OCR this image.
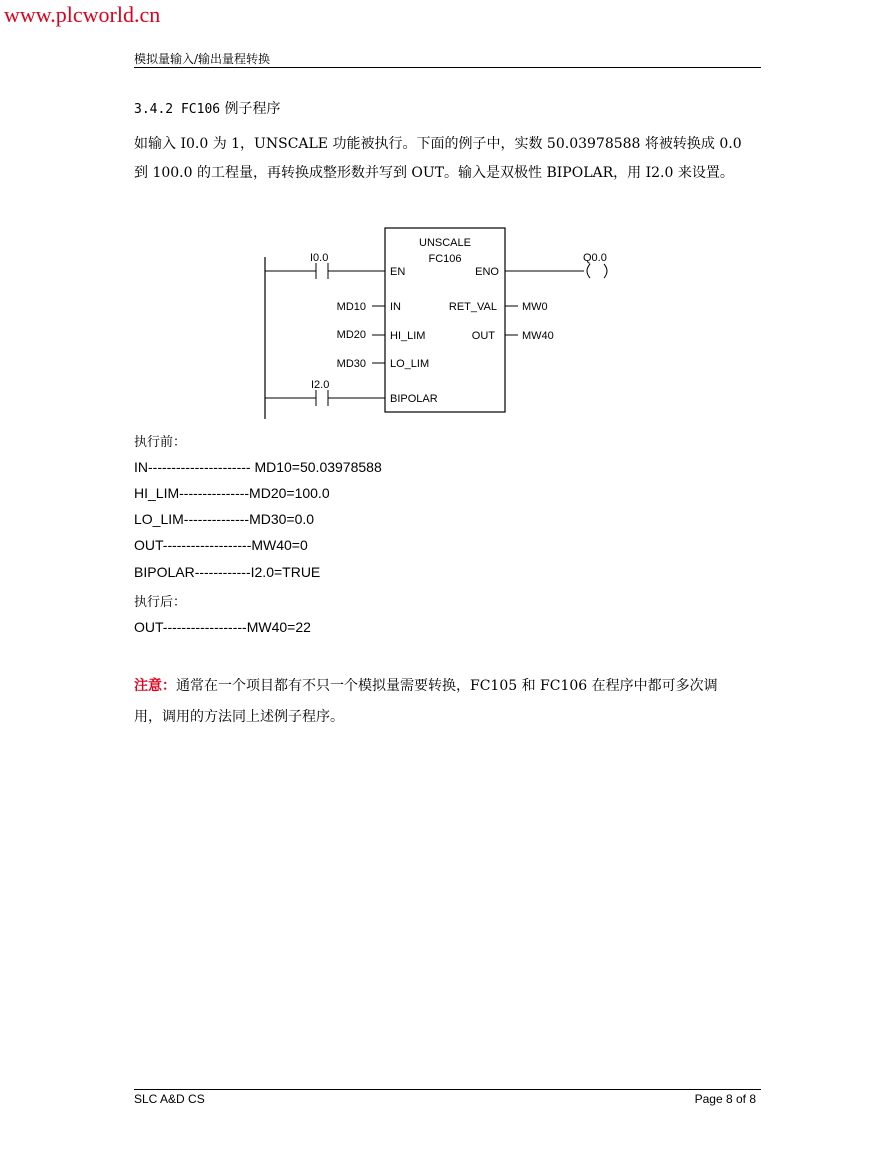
www.plcworld.cn
模拟量输入/输出量程转换
3.4.2 FC106 例子程序
如输入 I0.0 为 1，UNSCALE 功能被执行。下面的例子中，实数 50.03978588 将被转换成 0.0
到 100.0 的工程量，再转换成整形数并写到 OUT。输入是双极性 BIPOLAR，用 I2.0 来设置。
UNSCALE
FC106
I0.0
EN	ENO
Q0.0
MD10 IN	RET_VAL MW0
MD20 HI_LIM	OUT MW40
MD30 LO_LIM
I2.0
BIPOLAR
执行前：
IN---------------------- MD10=50.03978588
HI_LIM---------------MD20=100.0
LO_LIM--------------MD30=0.0
OUT-------------------MW40=0
BIPOLAR------------I2.0=TRUE
执行后：
OUT------------------MW40=22
注意：通常在一个项目都有不只一个模拟量需要转换，FC105 和 FC106 在程序中都可多次调
用，调用的方法同上述例子程序。
SLC A&D CS	Page 8 of 8
